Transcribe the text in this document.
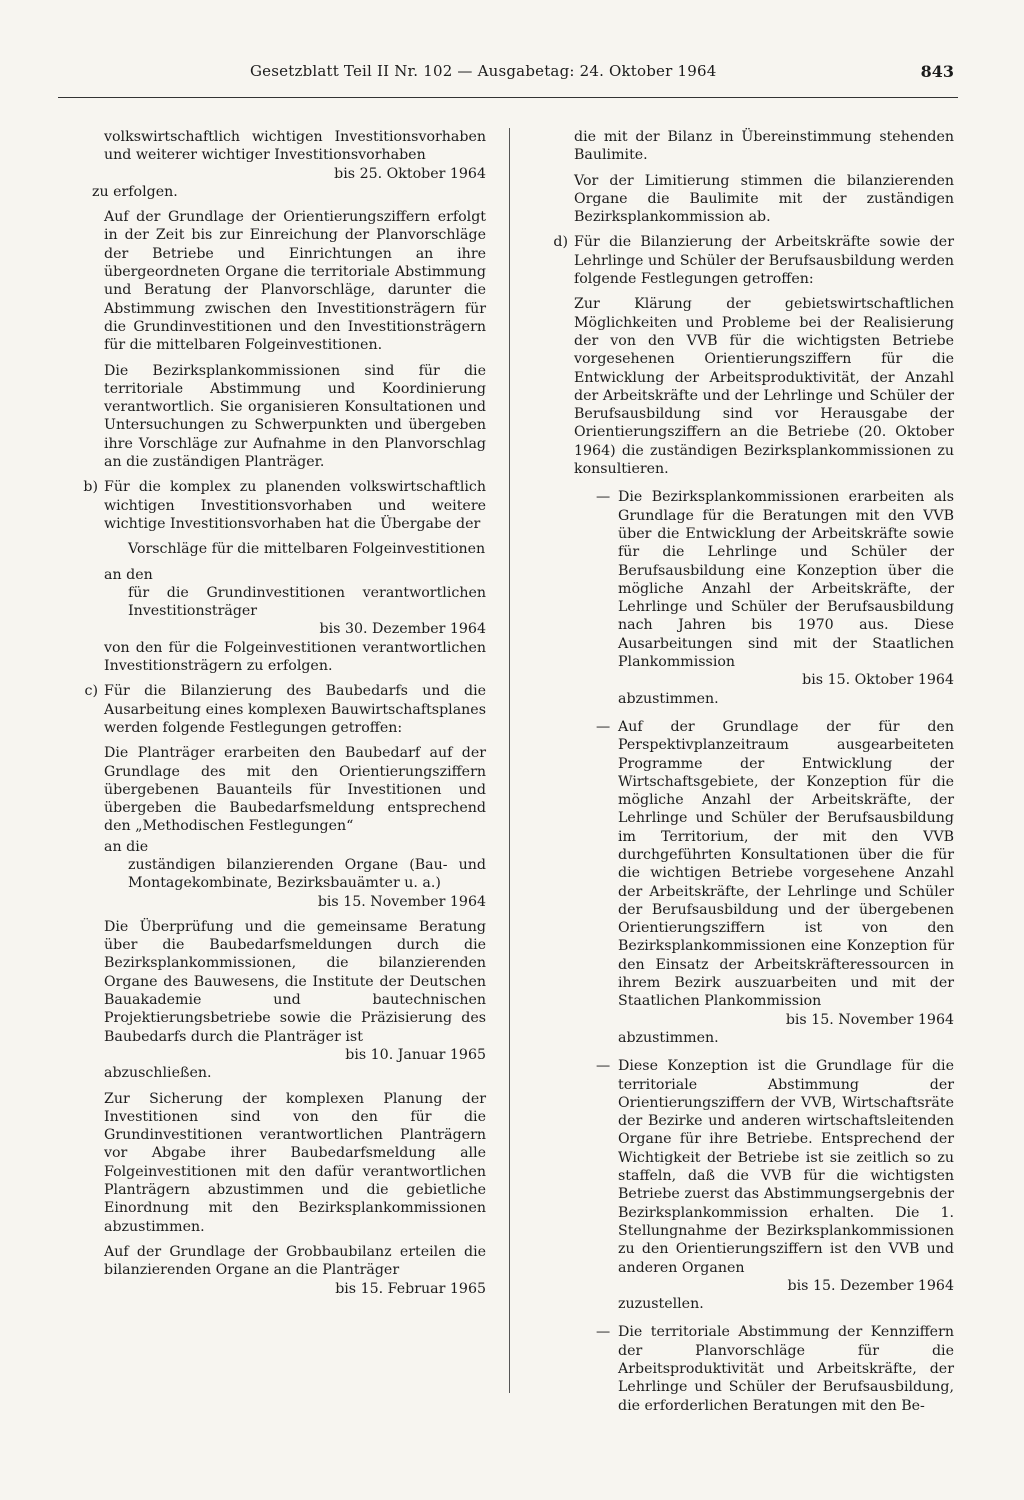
Gesetzblatt Teil II Nr. 102 — Ausgabetag: 24. Oktober 1964	843

volkswirtschaftlich wichtigen Investitionsvorhaben und weiterer wichtiger Investitionsvorhaben

bis 25. Oktober 1964

zu erfolgen.

Auf der Grundlage der Orientierungsziffern erfolgt in der Zeit bis zur Einreichung der Planvorschläge der Betriebe und Einrichtungen an ihre übergeordneten Organe die territoriale Abstimmung und Beratung der Planvorschläge, darunter die Abstimmung zwischen den Investitionsträgern für die Grundinvestitionen und den Investitionsträgern für die mittelbaren Folgeinvestitionen.

Die Bezirksplankommissionen sind für die territoriale Abstimmung und Koordinierung verantwortlich. Sie organisieren Konsultationen und Untersuchungen zu Schwerpunkten und übergeben ihre Vorschläge zur Aufnahme in den Planvorschlag an die zuständigen Planträger.

b) Für die komplex zu planenden volkswirtschaftlich wichtigen Investitionsvorhaben und weitere wichtige Investitionsvorhaben hat die Übergabe der

Vorschläge für die mittelbaren Folgeinvestitionen

an den

für die Grundinvestitionen verantwortlichen Investitionsträger

bis 30. Dezember 1964

von den für die Folgeinvestitionen verantwortlichen Investitionsträgern zu erfolgen.

c) Für die Bilanzierung des Baubedarfs und die Ausarbeitung eines komplexen Bauwirtschaftsplanes werden folgende Festlegungen getroffen:

Die Planträger erarbeiten den Baubedarf auf der Grundlage des mit den Orientierungsziffern übergebenen Bauanteils für Investitionen und übergeben die Baubedarfsmeldung entsprechend den „Methodischen Festlegungen“

an die

zuständigen bilanzierenden Organe (Bau- und Montagekombinate, Bezirksbauämter u. a.)

bis 15. November 1964

Die Überprüfung und die gemeinsame Beratung über die Baubedarfsmeldungen durch die Bezirksplankommissionen, die bilanzierenden Organe des Bauwesens, die Institute der Deutschen Bauakademie und bautechnischen Projektierungsbetriebe sowie die Präzisierung des Baubedarfs durch die Planträger ist

bis 10. Januar 1965

abzuschließen.

Zur Sicherung der komplexen Planung der Investitionen sind von den für die Grundinvestitionen verantwortlichen Planträgern vor Abgabe ihrer Baubedarfsmeldung alle Folgeinvestitionen mit den dafür verantwortlichen Planträgern abzustimmen und die gebietliche Einordnung mit den Bezirksplankommissionen abzustimmen.

Auf der Grundlage der Grobbaubilanz erteilen die bilanzierenden Organe an die Planträger

bis 15. Februar 1965

die mit der Bilanz in Übereinstimmung stehenden Baulimite.

Vor der Limitierung stimmen die bilanzierenden Organe die Baulimite mit der zuständigen Bezirksplankommission ab.

d) Für die Bilanzierung der Arbeitskräfte sowie der Lehrlinge und Schüler der Berufsausbildung werden folgende Festlegungen getroffen:

Zur Klärung der gebietswirtschaftlichen Möglichkeiten und Probleme bei der Realisierung der von den VVB für die wichtigsten Betriebe vorgesehenen Orientierungsziffern für die Entwicklung der Arbeitsproduktivität, der Anzahl der Arbeitskräfte und der Lehrlinge und Schüler der Berufsausbildung sind vor Herausgabe der Orientierungsziffern an die Betriebe (20. Oktober 1964) die zuständigen Bezirksplankommissionen zu konsultieren.

— Die Bezirksplankommissionen erarbeiten als Grundlage für die Beratungen mit den VVB über die Entwicklung der Arbeitskräfte sowie für die Lehrlinge und Schüler der Berufsausbildung eine Konzeption über die mögliche Anzahl der Arbeitskräfte, der Lehrlinge und Schüler der Berufsausbildung nach Jahren bis 1970 aus. Diese Ausarbeitungen sind mit der Staatlichen Plankommission

bis 15. Oktober 1964

abzustimmen.

— Auf der Grundlage der für den Perspektivplanzeitraum ausgearbeiteten Programme der Entwicklung der Wirtschaftsgebiete, der Konzeption für die mögliche Anzahl der Arbeitskräfte, der Lehrlinge und Schüler der Berufsausbildung im Territorium, der mit den VVB durchgeführten Konsultationen über die für die wichtigen Betriebe vorgesehene Anzahl der Arbeitskräfte, der Lehrlinge und Schüler der Berufsausbildung und der übergebenen Orientierungsziffern ist von den Bezirksplankommissionen eine Konzeption für den Einsatz der Arbeitskräfteressourcen in ihrem Bezirk auszuarbeiten und mit der Staatlichen Plankommission

bis 15. November 1964

abzustimmen.

— Diese Konzeption ist die Grundlage für die territoriale Abstimmung der Orientierungsziffern der VVB, Wirtschaftsräte der Bezirke und anderen wirtschaftsleitenden Organe für ihre Betriebe. Entsprechend der Wichtigkeit der Betriebe ist sie zeitlich so zu staffeln, daß die VVB für die wichtigsten Betriebe zuerst das Abstimmungsergebnis der Bezirksplankommission erhalten. Die 1. Stellungnahme der Bezirksplankommissionen zu den Orientierungsziffern ist den VVB und anderen Organen

bis 15. Dezember 1964

zuzustellen.

— Die territoriale Abstimmung der Kennziffern der Planvorschläge für die Arbeitsproduktivität und Arbeitskräfte, der Lehrlinge und Schüler der Berufsausbildung, die erforderlichen Beratungen mit den Be-
